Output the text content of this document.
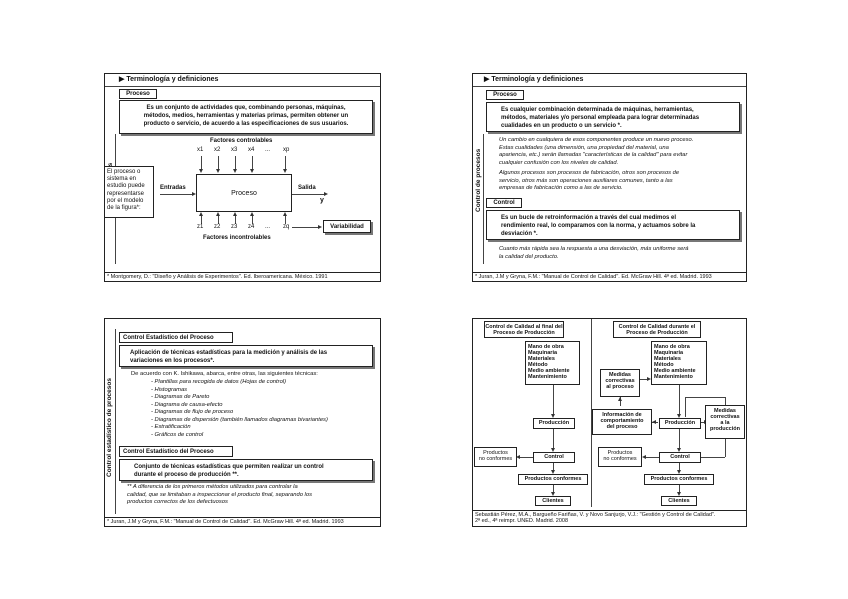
▶ Terminología y definiciones
Proceso
Es un conjunto de actividades que, combinando personas, máquinas,
métodos, medios, herramientas y materias primas, permiten obtener un
producto o servicio, de acuerdo a las especificaciones de sus usuarios.
El proceso o
sistema en
estudio puede
representarse
por el modelo
de la figura*:
Factores controlables
x1 x2 x3 x4 ... xp
Entradas
Proceso
Salida
y
z1 z2 z3 z4 ... zq
Factores incontrolables
Variabilidad
* Montgomery, D.: "Diseño y Análisis de Experimentos". Ed. Iberoamericana. México. 1991
▶ Terminología y definiciones
Proceso
Es cualquier combinación determinada de máquinas, herramientas,
métodos, materiales y/o personal empleada para lograr determinadas
cualidades en un producto o un servicio *.
Control de procesos
Un cambio en cualquiera de esos componentes produce un nuevo proceso.
Estas cualidades (una dimensión, una propiedad del material, una
apariencia, etc.) serán llamadas "características de la calidad" para evitar
cualquier confusión con los niveles de calidad.
Algunos procesos son procesos de fabricación, otros son procesos de
servicio, otros más son operaciones auxiliares comunes, tanto a las
empresas de fabricación como a las de servicio.
Control
Es un bucle de retroinformación a través del cual medimos el
rendimiento real, lo comparamos con la norma, y actuamos sobre la
desviación *.
Cuanto más rápida sea la respuesta a una desviación, más uniforme será
la calidad del producto.
* Juran, J.M y Gryna, F.M.: "Manual de Control de Calidad". Ed. McGraw Hill. 4ª ed. Madrid. 1993
Control Estadístico del Proceso
Aplicación de técnicas estadísticas para la medición y análisis de las
variaciones en los procesos*.
Control estadístico de procesos
De acuerdo con K. Ishikawa, abarca, entre otras, las siguientes técnicas:
- Plantillas para recogida de datos (Hojas de control)
- Histogramas
- Diagramas de Pareto
- Diagrama de causa-efecto
- Diagramas de flujo de proceso
- Diagramas de dispersión (también llamados diagramas bivariantes)
- Estratificación
- Gráficos de control
Control Estadístico del Proceso
Conjunto de técnicas estadísticas que permiten realizar un control
durante el proceso de producción **.
** A diferencia de los primeros métodos utilizados para controlar la
calidad, que se limitaban a inspeccionar el producto final, separando los
productos correctos de los defectuosos
* Juran, J.M y Gryna, F.M.: "Manual de Control de Calidad". Ed. McGraw Hill. 4ª ed. Madrid. 1993
Control de Calidad al final del
Proceso de Producción
Mano de obra
Maquinaria
Materiales
Método
Medio ambiente
Mantenimiento
Producción
Control
Productos
no conformes
Productos conformes
Clientes
Control de Calidad durante el
Proceso de Producción
Mano de obra
Maquinaria
Materiales
Método
Medio ambiente
Mantenimiento
Medidas
correctivas
al proceso
Información de
comportamiento
del proceso
Producción
Medidas
correctivas
a la
producción
Control
Productos
no conformes
Productos conformes
Clientes
Sebastián Pérez, M.A., Bargueño Fariñas, V. y Novo Sanjurjo, V.J.: "Gestión y Control de Calidad".
2ª ed., 4ª reimpr. UNED. Madrid. 2008
